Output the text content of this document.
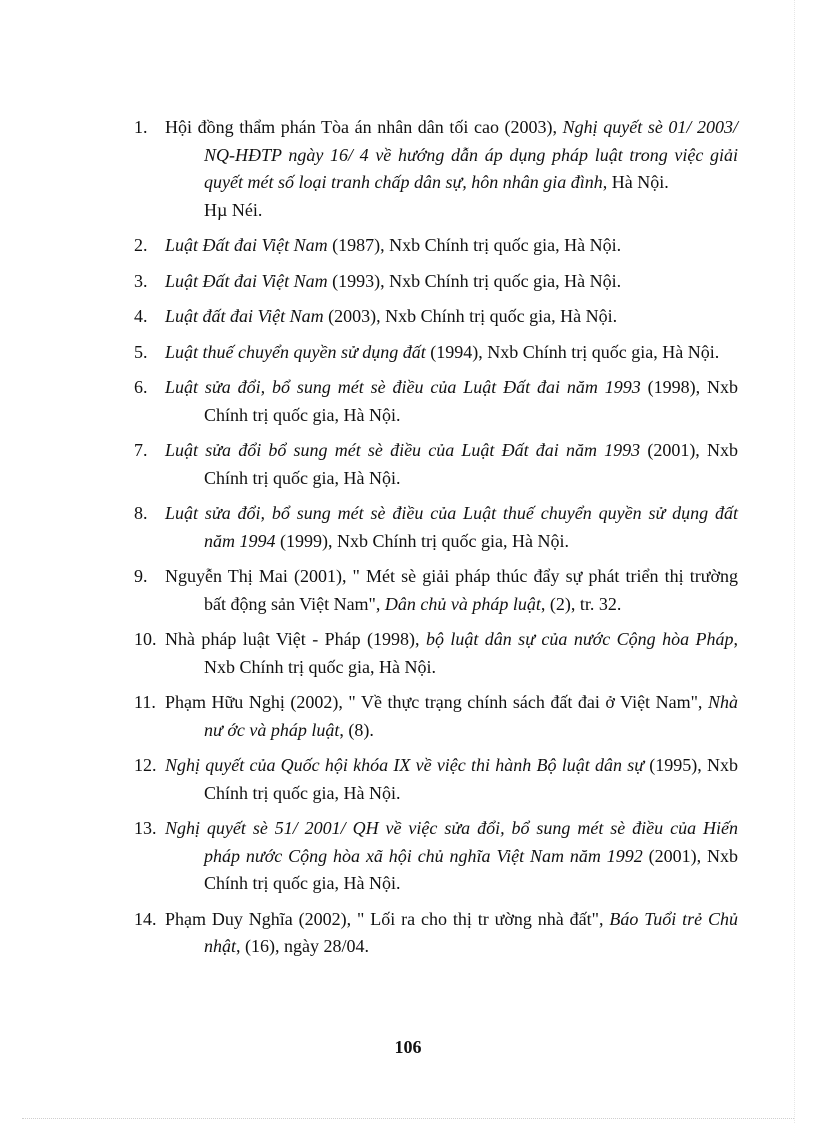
1. Hội đồng thẩm phán Tòa án nhân dân tối cao (2003), Nghị quyết sè 01/ 2003/ NQ-HĐTP ngày 16/ 4 về hướng dẫn áp dụng pháp luật trong việc giải quyết mét số loại tranh chấp dân sự, hôn nhân gia đình, Hà Nội.
Hµ Néi.
2. Luật Đất đai Việt Nam (1987), Nxb Chính trị quốc gia, Hà Nội.
3. Luật Đất đai Việt Nam (1993), Nxb Chính trị quốc gia, Hà Nội.
4. Luật đất đai Việt Nam (2003), Nxb Chính trị quốc gia, Hà Nội.
5. Luật thuế chuyển quyền sử dụng đất (1994), Nxb Chính trị quốc gia, Hà Nội.
6. Luật sửa đổi, bổ sung mét sè điều của Luật Đất đai năm 1993 (1998), Nxb Chính trị quốc gia, Hà Nội.
7. Luật sửa đổi bổ sung mét sè điều của Luật Đất đai năm 1993 (2001), Nxb Chính trị quốc gia, Hà Nội.
8. Luật sửa đổi, bổ sung mét sè điều của Luật thuế chuyển quyền sử dụng đất năm 1994 (1999), Nxb Chính trị quốc gia, Hà Nội.
9. Nguyễn Thị Mai (2001), " Mét sè giải pháp thúc đẩy sự phát triển thị trường bất động sản Việt Nam", Dân chủ và pháp luật, (2), tr. 32.
10. Nhà pháp luật Việt - Pháp (1998), bộ luật dân sự của nước Cộng hòa Pháp, Nxb Chính trị quốc gia, Hà Nội.
11. Phạm Hữu Nghị (2002), " Về thực trạng chính sách đất đai ở Việt Nam", Nhà nư ớc và pháp luật, (8).
12. Nghị quyết của Quốc hội khóa IX về việc thi hành Bộ luật dân sự (1995), Nxb Chính trị quốc gia, Hà Nội.
13. Nghị quyết sè 51/ 2001/ QH về việc sửa đổi, bổ sung mét sè điều của Hiến pháp nước Cộng hòa xã hội chủ nghĩa Việt Nam năm 1992 (2001), Nxb Chính trị quốc gia, Hà Nội.
14. Phạm Duy Nghĩa (2002), " Lối ra cho thị tr ường nhà đất", Báo Tuổi trẻ Chủ nhật, (16), ngày 28/04.
106
